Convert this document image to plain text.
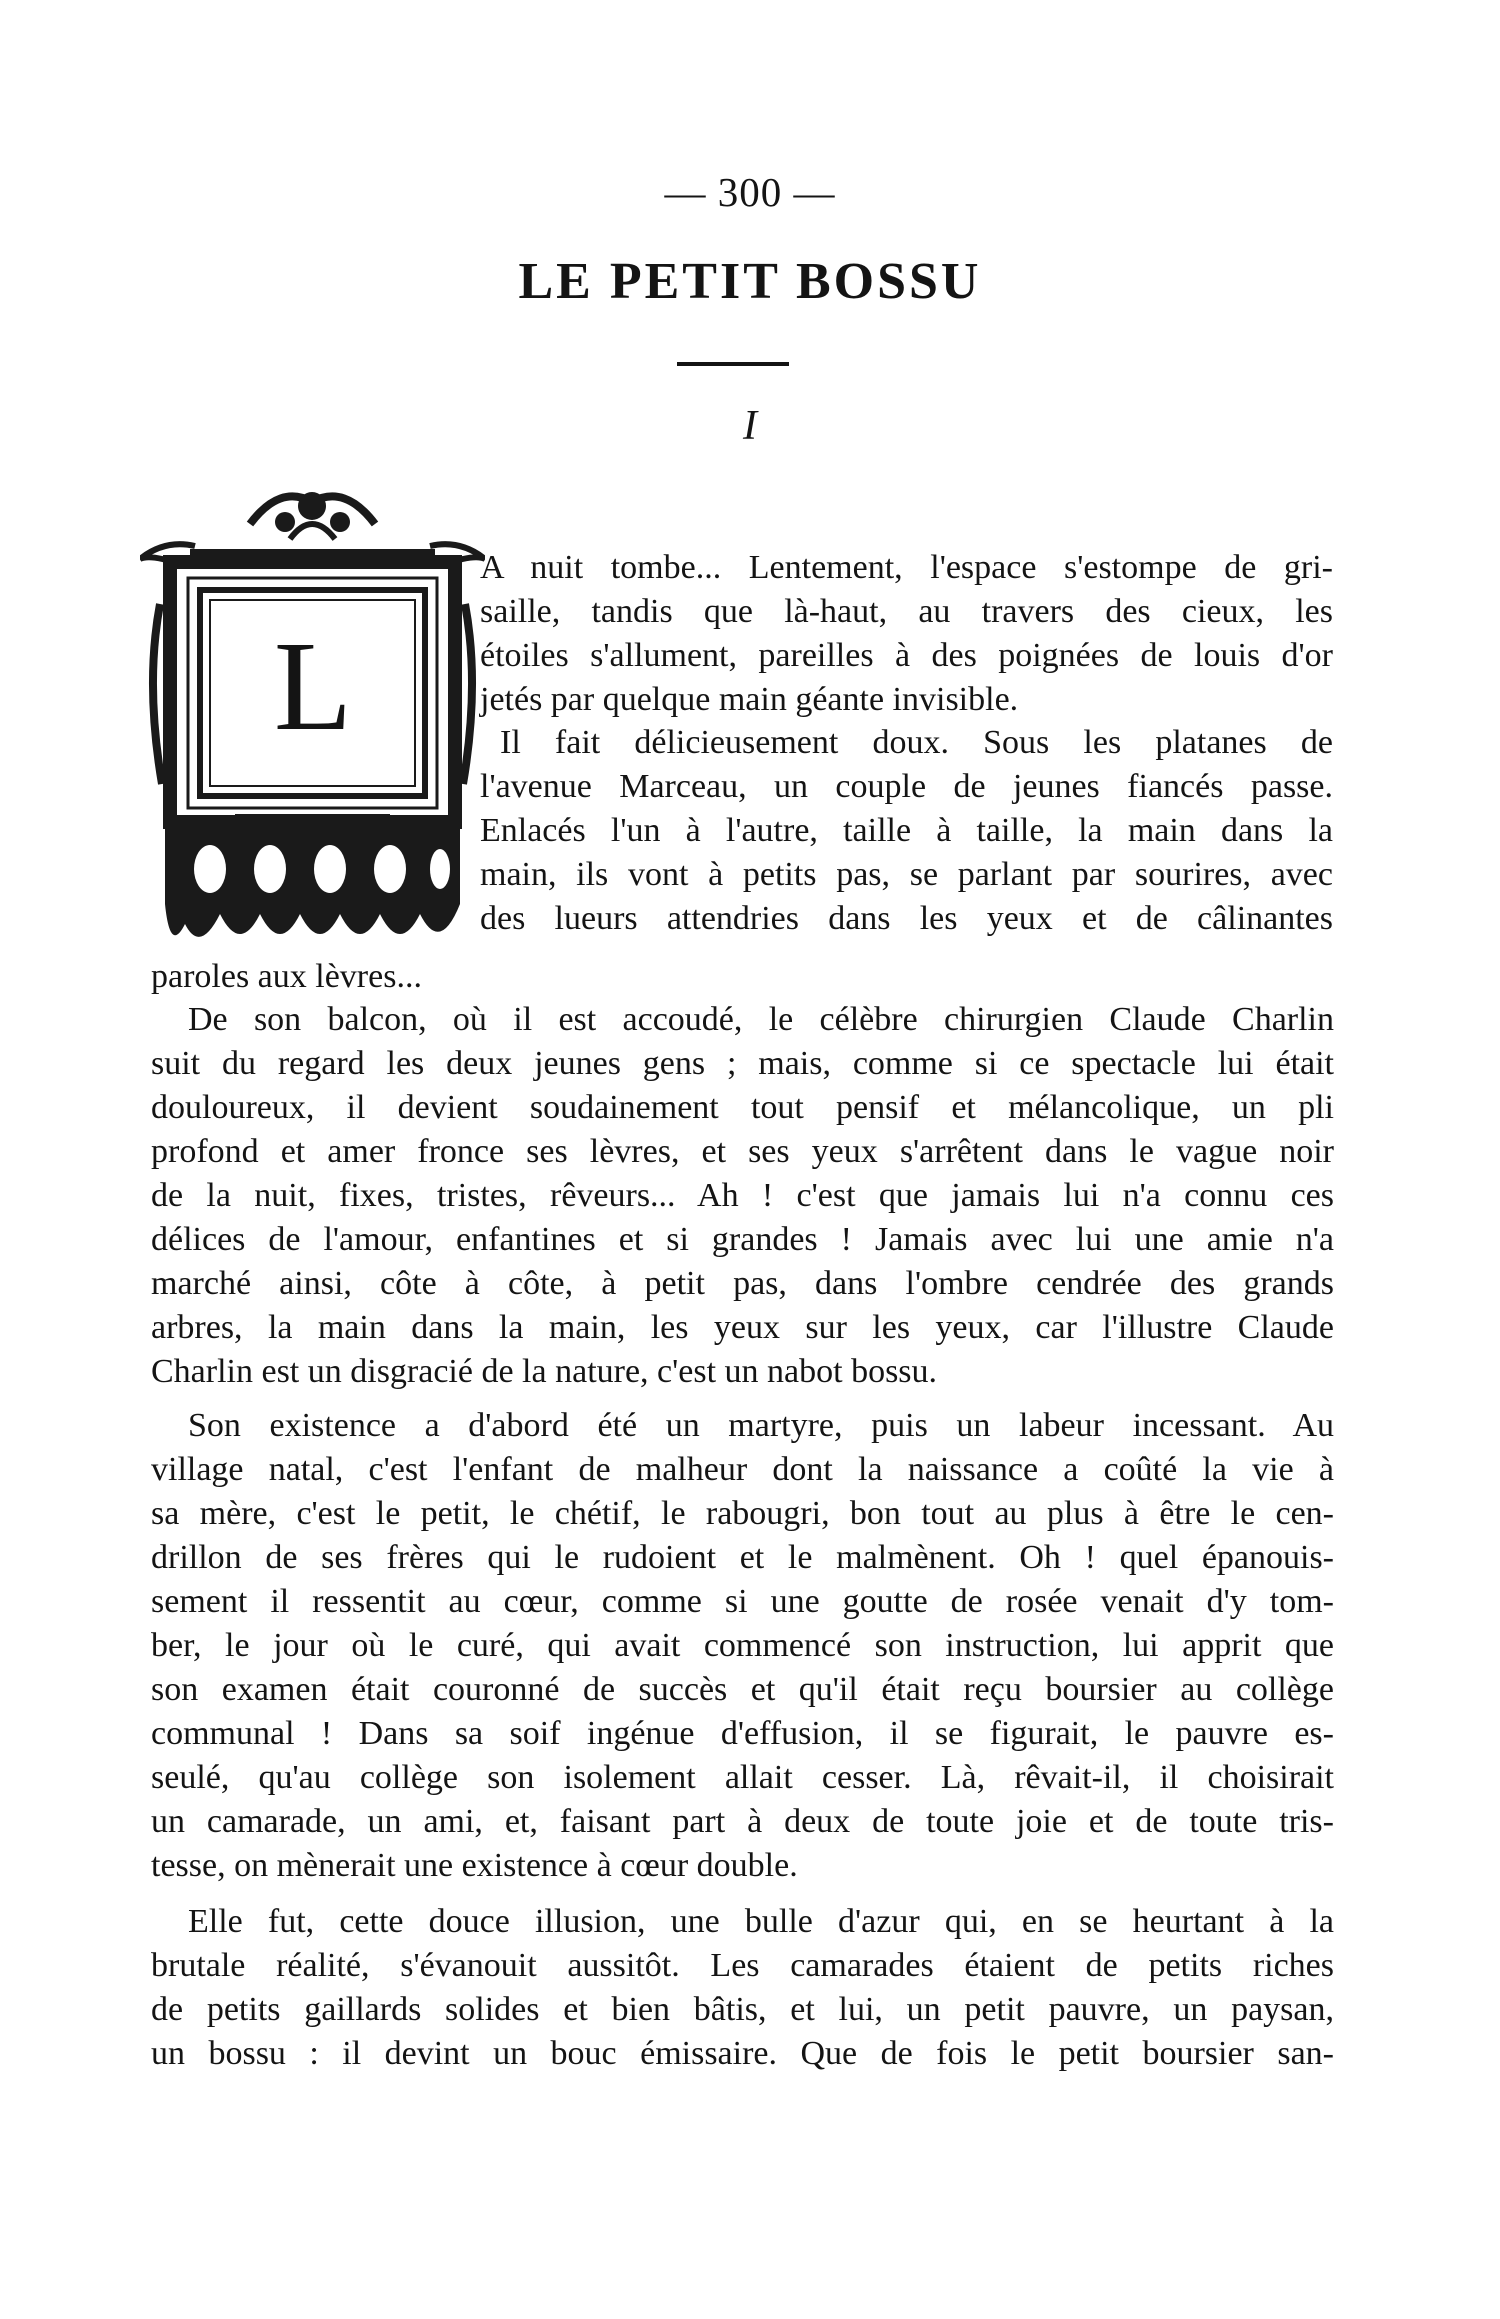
— 300 —
LE PETIT BOSSU
I
L
A nuit tombe... Lentement, l'espace s'estompe de gri-
saille, tandis que là-haut, au travers des cieux, les
étoiles s'allument, pareilles à des poignées de louis d'or
jetés par quelque main géante invisible.
Il fait délicieusement doux. Sous les platanes de
l'avenue Marceau, un couple de jeunes fiancés passe.
Enlacés l'un à l'autre, taille à taille, la main dans la
main, ils vont à petits pas, se parlant par sourires, avec
des lueurs attendries dans les yeux et de câlinantes
paroles aux lèvres...
De son balcon, où il est accoudé, le célèbre chirurgien Claude Charlin
suit du regard les deux jeunes gens ; mais, comme si ce spectacle lui était
douloureux, il devient soudainement tout pensif et mélancolique, un pli
profond et amer fronce ses lèvres, et ses yeux s'arrêtent dans le vague noir
de la nuit, fixes, tristes, rêveurs... Ah ! c'est que jamais lui n'a connu ces
délices de l'amour, enfantines et si grandes ! Jamais avec lui une amie n'a
marché ainsi, côte à côte, à petit pas, dans l'ombre cendrée des grands
arbres, la main dans la main, les yeux sur les yeux, car l'illustre Claude
Charlin est un disgracié de la nature, c'est un nabot bossu.
Son existence a d'abord été un martyre, puis un labeur incessant. Au
village natal, c'est l'enfant de malheur dont la naissance a coûté la vie à
sa mère, c'est le petit, le chétif, le rabougri, bon tout au plus à être le cen-
drillon de ses frères qui le rudoient et le malmènent. Oh ! quel épanouis-
sement il ressentit au cœur, comme si une goutte de rosée venait d'y tom-
ber, le jour où le curé, qui avait commencé son instruction, lui apprit que
son examen était couronné de succès et qu'il était reçu boursier au collège
communal ! Dans sa soif ingénue d'effusion, il se figurait, le pauvre es-
seulé, qu'au collège son isolement allait cesser. Là, rêvait-il, il choisirait
un camarade, un ami, et, faisant part à deux de toute joie et de toute tris-
tesse, on mènerait une existence à cœur double.
Elle fut, cette douce illusion, une bulle d'azur qui, en se heurtant à la
brutale réalité, s'évanouit aussitôt. Les camarades étaient de petits riches
de petits gaillards solides et bien bâtis, et lui, un petit pauvre, un paysan,
un bossu : il devint un bouc émissaire. Que de fois le petit boursier san-
